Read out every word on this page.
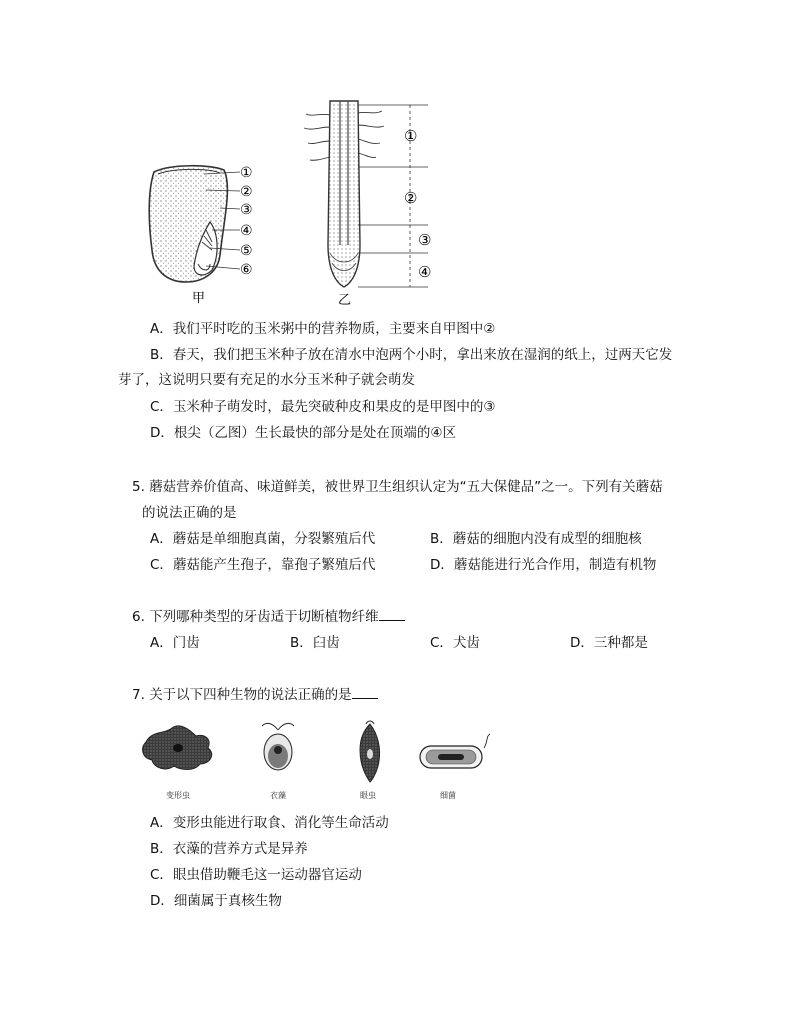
①
②
③
④
⑤
⑥
甲
①
②
③
④
乙
A．我们平时吃的玉米粥中的营养物质，主要来自甲图中②
B．春天，我们把玉米种子放在清水中泡两个小时，拿出来放在湿润的纸上，过两天它发
芽了，这说明只要有充足的水分玉米种子就会萌发
C．玉米种子萌发时，最先突破种皮和果皮的是甲图中的③
D．根尖（乙图）生长最快的部分是处在顶端的④区
5. 蘑菇营养价值高、味道鲜美，被世界卫生组织认定为“五大保健品”之一。下列有关蘑菇
的说法正确的是
A．蘑菇是单细胞真菌，分裂繁殖后代	B．蘑菇的细胞内没有成型的细胞核
C．蘑菇能产生孢子，靠孢子繁殖后代	D．蘑菇能进行光合作用，制造有机物
6. 下列哪种类型的牙齿适于切断植物纤维
A．门齿	B．臼齿	C．犬齿	D．三种都是
7. 关于以下四种生物的说法正确的是
变形虫	衣藻	眼虫	细菌
A．变形虫能进行取食、消化等生命活动
B．衣藻的营养方式是异养
C．眼虫借助鞭毛这一运动器官运动
D．细菌属于真核生物
